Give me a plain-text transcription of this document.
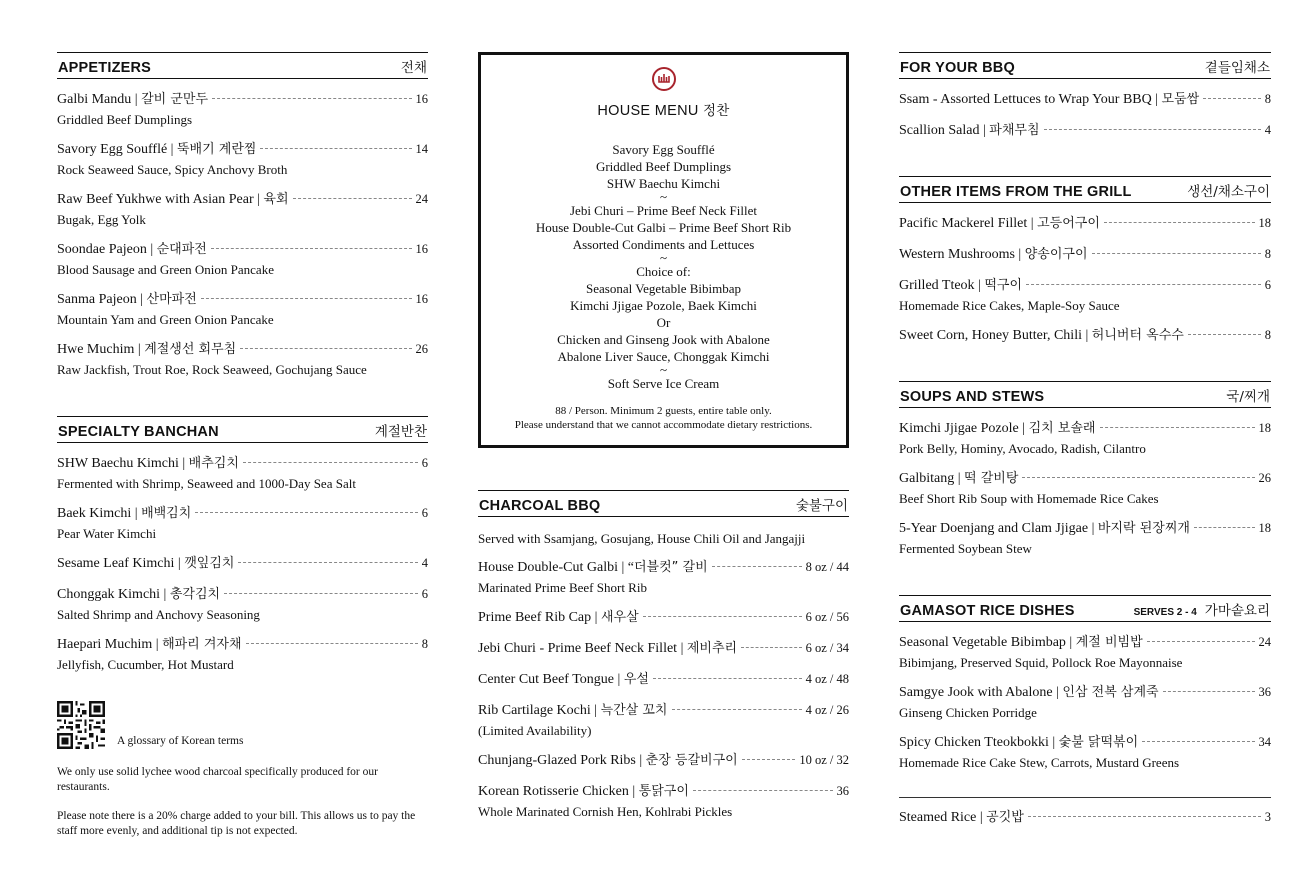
APPETIZERS	전채
Galbi Mandu | 갈비 군만두	16
Griddled Beef Dumplings
Savory Egg Soufflé | 뚝배기 계란찜	14
Rock Seaweed Sauce, Spicy Anchovy Broth
Raw Beef Yukhwe with Asian Pear | 육회	24
Bugak, Egg Yolk
Soondae Pajeon | 순대파전	16
Blood Sausage and Green Onion Pancake
Sanma Pajeon | 산마파전	16
Mountain Yam and Green Onion Pancake
Hwe Muchim | 계절생선 회무침	26
Raw Jackfish, Trout Roe, Rock Seaweed, Gochujang Sauce
SPECIALTY BANCHAN	계절반찬
SHW Baechu Kimchi | 배추김치	6
Fermented with Shrimp, Seaweed and 1000-Day Sea Salt
Baek Kimchi | 배백김치	6
Pear Water Kimchi
Sesame Leaf Kimchi | 깻잎김치	4
Chonggak Kimchi | 총각김치	6
Salted Shrimp and Anchovy Seasoning
Haepari Muchim | 해파리 겨자채	8
Jellyfish, Cucumber, Hot Mustard
A glossary of Korean terms

We only use solid lychee wood charcoal specifically produced for our restaurants.

Please note there is a 20% charge added to your bill. This allows us to pay the staff more evenly, and additional tip is not expected.

HOUSE MENU 정찬
Savory Egg Soufflé
Griddled Beef Dumplings
SHW Baechu Kimchi
~
Jebi Churi – Prime Beef Neck Fillet
House Double-Cut Galbi – Prime Beef Short Rib
Assorted Condiments and Lettuces
~
Choice of:
Seasonal Vegetable Bibimbap
Kimchi Jjigae Pozole, Baek Kimchi
Or
Chicken and Ginseng Jook with Abalone
Abalone Liver Sauce, Chonggak Kimchi
~
Soft Serve Ice Cream
88 / Person. Minimum 2 guests, entire table only.
Please understand that we cannot accommodate dietary restrictions.
CHARCOAL BBQ	숯불구이
Served with Ssamjang, Gosujang, House Chili Oil and Jangajji
House Double-Cut Galbi | “더블컷” 갈비	8 oz / 44
Marinated Prime Beef Short Rib
Prime Beef Rib Cap | 새우살	6 oz / 56
Jebi Churi - Prime Beef Neck Fillet | 제비추리	6 oz / 34
Center Cut Beef Tongue | 우설	4 oz / 48
Rib Cartilage Kochi | 늑간살 꼬치	4 oz / 26
(Limited Availability)
Chunjang-Glazed Pork Ribs | 춘장 등갈비구이	10 oz / 32
Korean Rotisserie Chicken | 통닭구이	36
Whole Marinated Cornish Hen, Kohlrabi Pickles
FOR YOUR BBQ	곁들임채소
Ssam - Assorted Lettuces to Wrap Your BBQ | 모둠쌈	8
Scallion Salad | 파채무침	4
OTHER ITEMS FROM THE GRILL	생선/채소구이
Pacific Mackerel Fillet | 고등어구이	18
Western Mushrooms | 양송이구이	8
Grilled Tteok | 떡구이	6
Homemade Rice Cakes, Maple-Soy Sauce
Sweet Corn, Honey Butter, Chili | 허니버터 옥수수	8
SOUPS AND STEWS	국/찌개
Kimchi Jjigae Pozole | 김치 보솔래	18
Pork Belly, Hominy, Avocado, Radish, Cilantro
Galbitang | 떡 갈비탕	26
Beef Short Rib Soup with Homemade Rice Cakes
5-Year Doenjang and Clam Jjigae | 바지락 된장찌개	18
Fermented Soybean Stew
GAMASOT RICE DISHES	SERVES 2 - 4 가마솥요리
Seasonal Vegetable Bibimbap | 계절 비빔밥	24
Bibimjang, Preserved Squid, Pollock Roe Mayonnaise
Samgye Jook with Abalone | 인삼 전복 삼계죽	36
Ginseng Chicken Porridge
Spicy Chicken Tteokbokki | 숯불 닭떡볶이	34
Homemade Rice Cake Stew, Carrots, Mustard Greens
Steamed Rice | 공깃밥	3
